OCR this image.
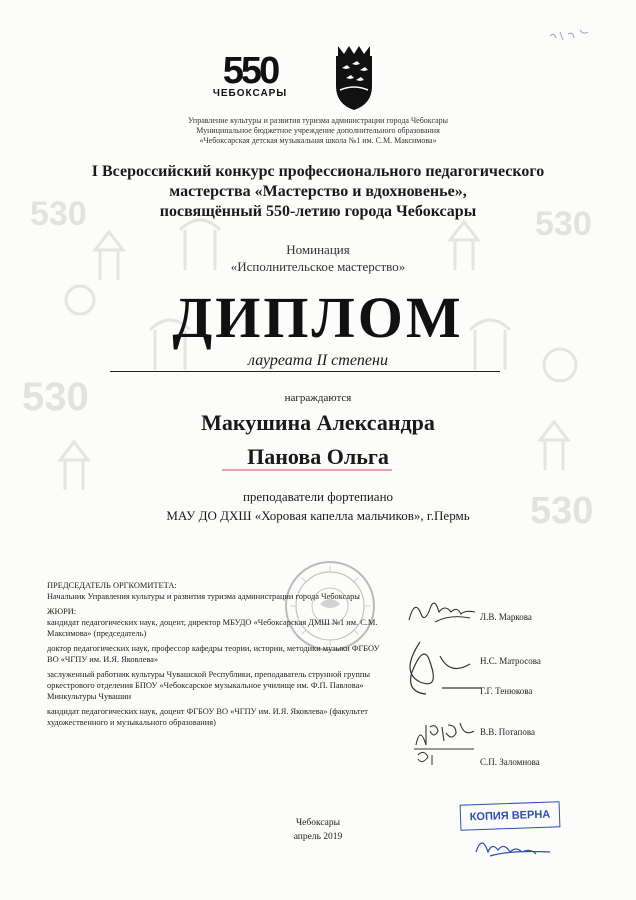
530	530
530
530
550
ЧЕБОКСАРЫ
Управление культуры и развития туризма администрации города Чебоксары
Муниципальное бюджетное учреждение дополнительного образования
«Чебоксарская детская музыкальная школа №1 им. С.М. Максимова»
I Всероссийский конкурс профессионального педагогического
мастерства «Мастерство и вдохновенье»,
посвящённый 550-летию города Чебоксары
Номинация
«Исполнительское мастерство»
ДИПЛОМ
лауреата II степени
награждаются
Макушина Александра
Панова Ольга
преподаватели фортепиано
МАУ ДО ДХШ «Хоровая капелла мальчиков», г.Пермь
ПРЕДСЕДАТЕЛЬ ОРГКОМИТЕТА:
Начальник Управления культуры и развития туризма администрации города Чебоксары
ЖЮРИ:
кандидат педагогических наук, доцент, директор МБУДО «Чебоксарская ДМШ №1 им. С.М. Максимова» (председатель)
доктор педагогических наук, профессор кафедры теории, истории, методики музыки ФГБОУ ВО «ЧГПУ им. И.Я. Яковлева»
заслуженный работник культуры Чувашской Республики, преподаватель струнной группы оркестрового отделения БПОУ «Чебоксарское музыкальное училище им. Ф.П. Павлова» Минкультуры Чувашии
кандидат педагогических наук, доцент ФГБОУ ВО «ЧГПУ им. И.Я. Яковлева» (факультет художественного и музыкального образования)
Л.В. Маркова
Н.С. Матросова
Г.Г. Тенюкова
В.В. Потапова
С.П. Заломнова
Чебоксары
апрель 2019
КОПИЯ ВЕРНА
